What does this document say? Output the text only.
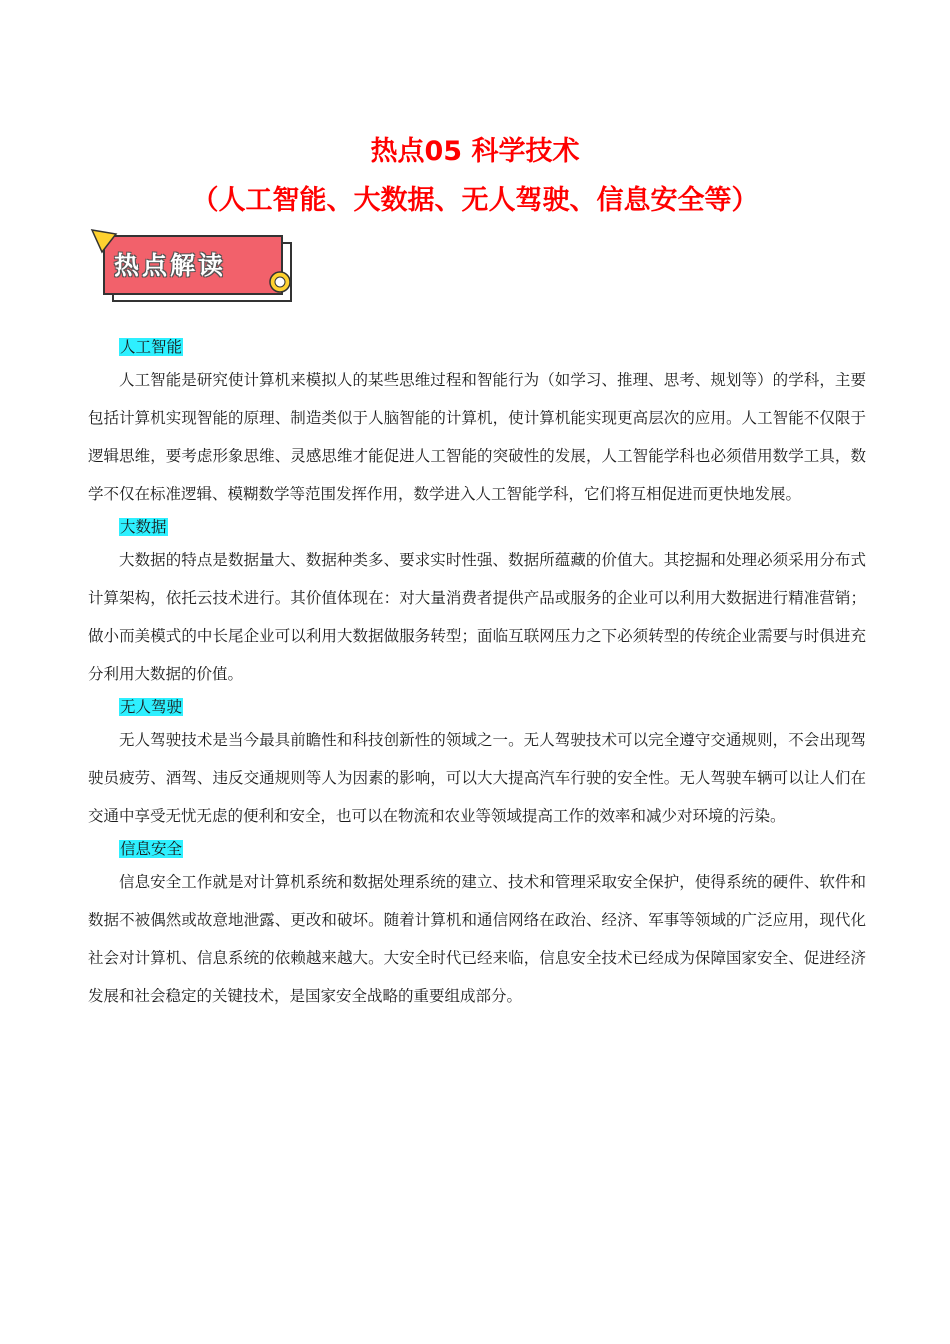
热点05 科学技术
（人工智能、大数据、无人驾驶、信息安全等）
热点解读
人工智能

人工智能是研究使计算机来模拟人的某些思维过程和智能行为（如学习、推理、思考、规划等）的学科，主要包括计算机实现智能的原理、制造类似于人脑智能的计算机，使计算机能实现更高层次的应用。人工智能不仅限于逻辑思维，要考虑形象思维、灵感思维才能促进人工智能的突破性的发展，人工智能学科也必须借用数学工具，数学不仅在标准逻辑、模糊数学等范围发挥作用，数学进入人工智能学科，它们将互相促进而更快地发展。

大数据

大数据的特点是数据量大、数据种类多、要求实时性强、数据所蕴藏的价值大。其挖掘和处理必须采用分布式计算架构，依托云技术进行。其价值体现在：对大量消费者提供产品或服务的企业可以利用大数据进行精准营销；做小而美模式的中长尾企业可以利用大数据做服务转型；面临互联网压力之下必须转型的传统企业需要与时俱进充分利用大数据的价值。

无人驾驶

无人驾驶技术是当今最具前瞻性和科技创新性的领域之一。无人驾驶技术可以完全遵守交通规则，不会出现驾驶员疲劳、酒驾、违反交通规则等人为因素的影响，可以大大提高汽车行驶的安全性。无人驾驶车辆可以让人们在交通中享受无忧无虑的便利和安全，也可以在物流和农业等领域提高工作的效率和减少对环境的污染。

信息安全

信息安全工作就是对计算机系统和数据处理系统的建立、技术和管理采取安全保护，使得系统的硬件、软件和数据不被偶然或故意地泄露、更改和破坏。随着计算机和通信网络在政治、经济、军事等领域的广泛应用，现代化社会对计算机、信息系统的依赖越来越大。大安全时代已经来临，信息安全技术已经成为保障国家安全、促进经济发展和社会稳定的关键技术，是国家安全战略的重要组成部分。
